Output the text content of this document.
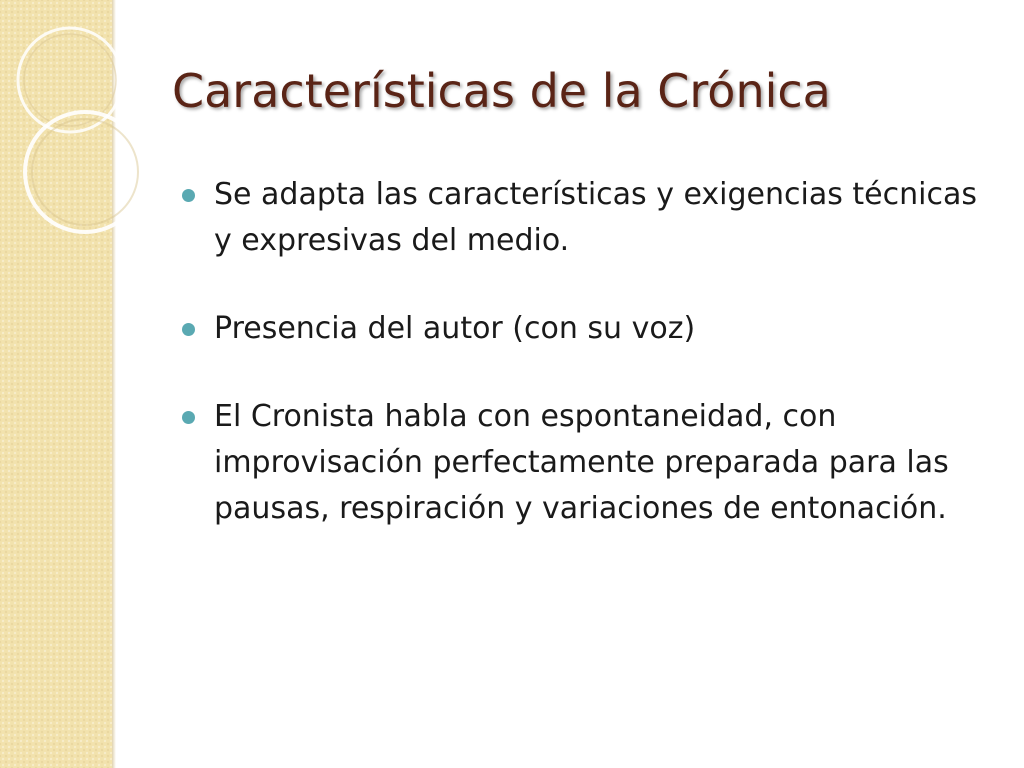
Características de la Crónica
Se adapta las características y exigencias técnicas y expresivas del medio.
Presencia del autor (con su voz)
El Cronista habla con espontaneidad, con improvisación perfectamente preparada para las pausas, respiración y variaciones de entonación.
